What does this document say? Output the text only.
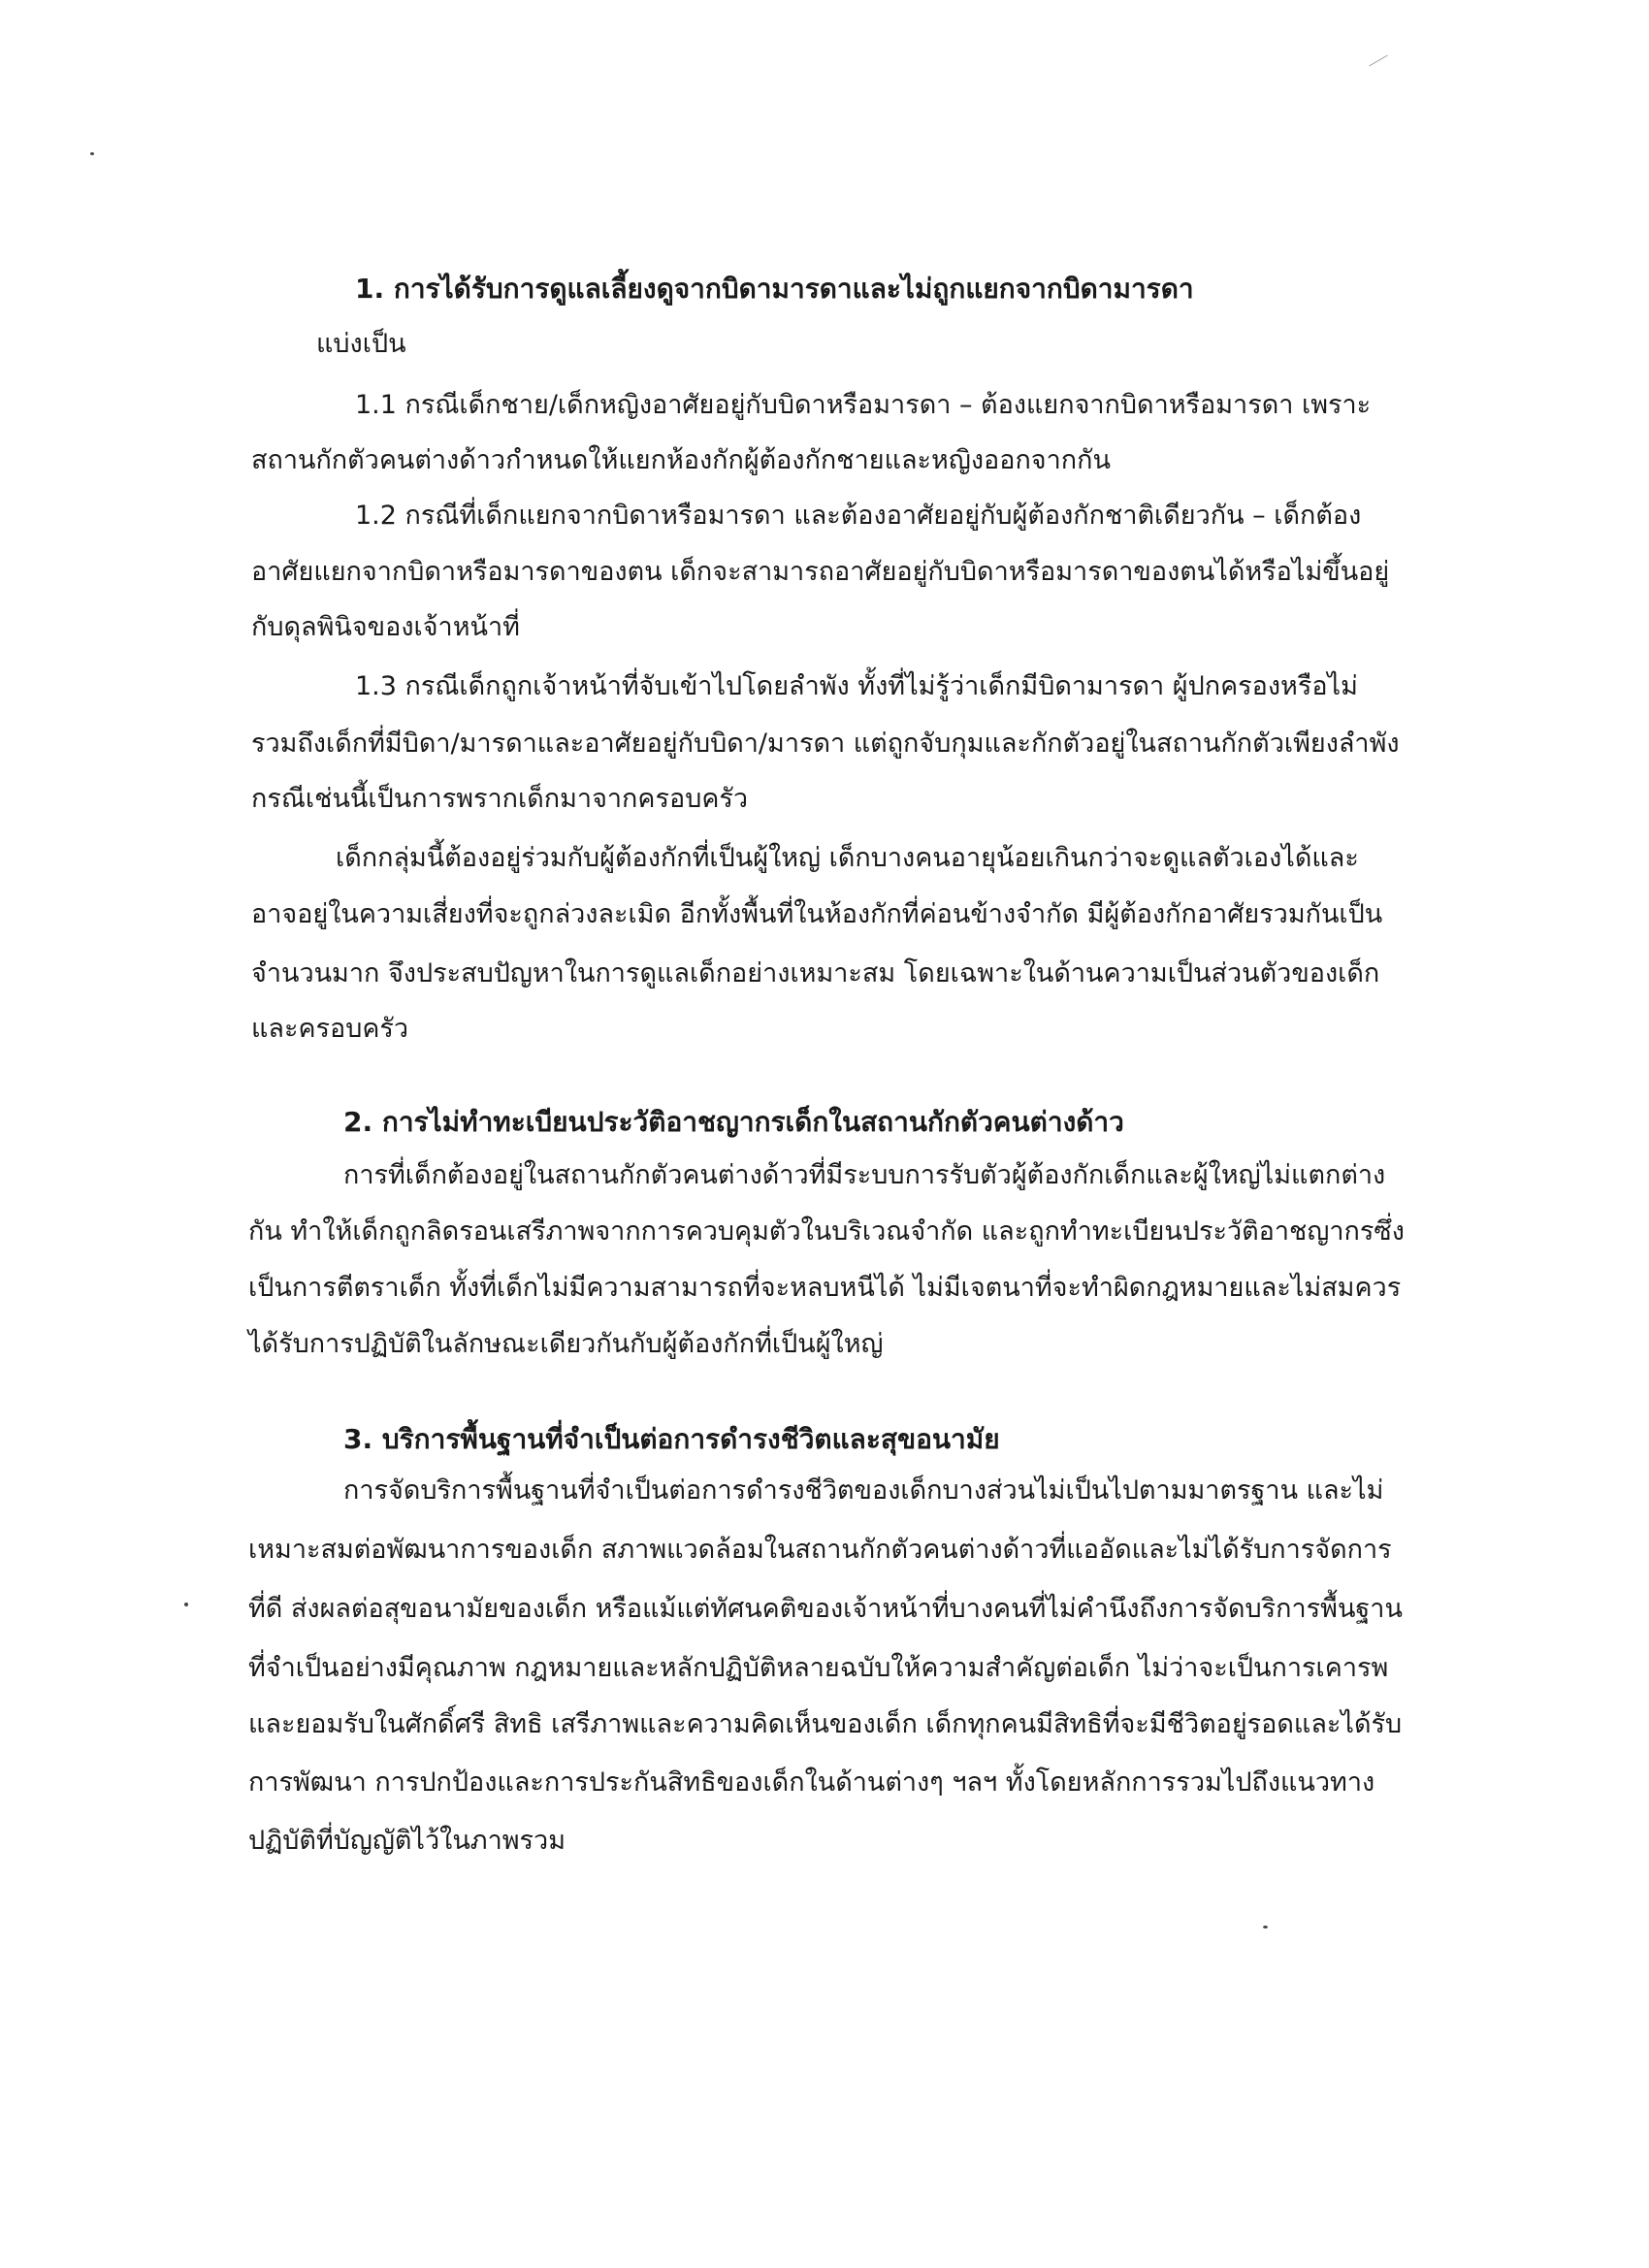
1. การได้รับการดูแลเลี้ยงดูจากบิดามารดาและไม่ถูกแยกจากบิดามารดา
แบ่งเป็น
1.1 กรณีเด็กชาย/เด็กหญิงอาศัยอยู่กับบิดาหรือมารดา – ต้องแยกจากบิดาหรือมารดา เพราะ
สถานกักตัวคนต่างด้าวกำหนดให้แยกห้องกักผู้ต้องกักชายและหญิงออกจากกัน
1.2 กรณีที่เด็กแยกจากบิดาหรือมารดา และต้องอาศัยอยู่กับผู้ต้องกักชาติเดียวกัน – เด็กต้อง
อาศัยแยกจากบิดาหรือมารดาของตน เด็กจะสามารถอาศัยอยู่กับบิดาหรือมารดาของตนได้หรือไม่ขึ้นอยู่
กับดุลพินิจของเจ้าหน้าที่
1.3 กรณีเด็กถูกเจ้าหน้าที่จับเข้าไปโดยลำพัง ทั้งที่ไม่รู้ว่าเด็กมีบิดามารดา ผู้ปกครองหรือไม่
รวมถึงเด็กที่มีบิดา/มารดาและอาศัยอยู่กับบิดา/มารดา แต่ถูกจับกุมและกักตัวอยู่ในสถานกักตัวเพียงลำพัง
กรณีเช่นนี้เป็นการพรากเด็กมาจากครอบครัว
เด็กกลุ่มนี้ต้องอยู่ร่วมกับผู้ต้องกักที่เป็นผู้ใหญ่ เด็กบางคนอายุน้อยเกินกว่าจะดูแลตัวเองได้และ
อาจอยู่ในความเสี่ยงที่จะถูกล่วงละเมิด อีกทั้งพื้นที่ในห้องกักที่ค่อนข้างจำกัด มีผู้ต้องกักอาศัยรวมกันเป็น
จำนวนมาก จึงประสบปัญหาในการดูแลเด็กอย่างเหมาะสม โดยเฉพาะในด้านความเป็นส่วนตัวของเด็ก
และครอบครัว
2. การไม่ทำทะเบียนประวัติอาชญากรเด็กในสถานกักตัวคนต่างด้าว
การที่เด็กต้องอยู่ในสถานกักตัวคนต่างด้าวที่มีระบบการรับตัวผู้ต้องกักเด็กและผู้ใหญ่ไม่แตกต่าง
กัน ทำให้เด็กถูกลิดรอนเสรีภาพจากการควบคุมตัวในบริเวณจำกัด และถูกทำทะเบียนประวัติอาชญากรซึ่ง
เป็นการตีตราเด็ก ทั้งที่เด็กไม่มีความสามารถที่จะหลบหนีได้ ไม่มีเจตนาที่จะทำผิดกฎหมายและไม่สมควร
ได้รับการปฏิบัติในลักษณะเดียวกันกับผู้ต้องกักที่เป็นผู้ใหญ่
3. บริการพื้นฐานที่จำเป็นต่อการดำรงชีวิตและสุขอนามัย
การจัดบริการพื้นฐานที่จำเป็นต่อการดำรงชีวิตของเด็กบางส่วนไม่เป็นไปตามมาตรฐาน และไม่
เหมาะสมต่อพัฒนาการของเด็ก สภาพแวดล้อมในสถานกักตัวคนต่างด้าวที่แออัดและไม่ได้รับการจัดการ
ที่ดี ส่งผลต่อสุขอนามัยของเด็ก หรือแม้แต่ทัศนคติของเจ้าหน้าที่บางคนที่ไม่คำนึงถึงการจัดบริการพื้นฐาน
ที่จำเป็นอย่างมีคุณภาพ กฎหมายและหลักปฏิบัติหลายฉบับให้ความสำคัญต่อเด็ก ไม่ว่าจะเป็นการเคารพ
และยอมรับในศักดิ์ศรี สิทธิ เสรีภาพและความคิดเห็นของเด็ก เด็กทุกคนมีสิทธิที่จะมีชีวิตอยู่รอดและได้รับ
การพัฒนา การปกป้องและการประกันสิทธิของเด็กในด้านต่างๆ ฯลฯ ทั้งโดยหลักการรวมไปถึงแนวทาง
ปฏิบัติที่บัญญัติไว้ในภาพรวม
